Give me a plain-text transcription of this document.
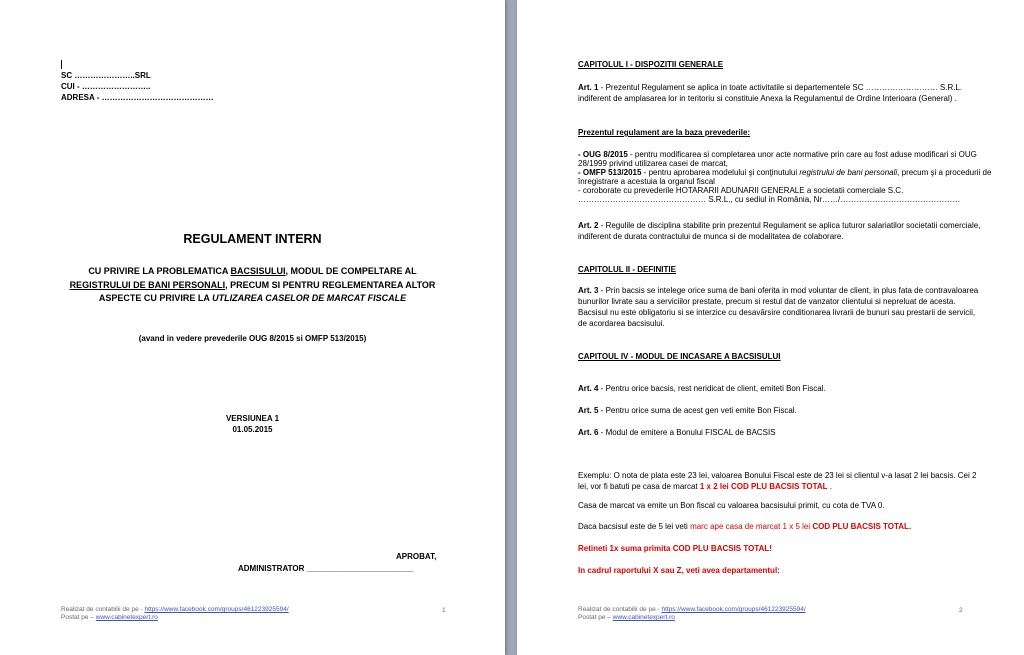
SC …………………..SRL
CUI - ……………………..
ADRESA - ……………………………………
REGULAMENT INTERN
CU PRIVIRE LA PROBLEMATICA BACSISULUI, MODUL DE COMPELTARE AL REGISTRULUI DE BANI PERSONALI, PRECUM SI PENTRU REGLEMENTAREA ALTOR ASPECTE CU PRIVIRE LA UTLIZAREA CASELOR DE MARCAT FISCALE
(avand in vedere prevederile OUG 8/2015 si OMFP 513/2015)
VERSIUNEA 1
01.05.2015
APROBAT,
ADMINISTRATOR ________________________
Realizat de contabilii de pe - https://www.facebook.com/groups/461223925594/
Postat pe – www.cabinetexpert.ro
1
CAPITOLUL I - DISPOZITII GENERALE
Art. 1 - Prezentul Regulament se aplica in toate activitatile si departementele SC ……………………… S.R.L. indiferent de amplasarea lor in teritoriu si constituie Anexa la Regulamentul de Ordine Interioara (General) .
Prezentul regulament are la baza prevederile:
- OUG 8/2015 - pentru modificarea si completarea unor acte normative prin care au fost aduse modificari si OUG 28/1999 privind utilizarea casei de marcat,
- OMFP 513/2015 - pentru aprobarea modelului şi conţinutului registrului de bani personali, precum şi a procedurii de înregistrare a acestuia la organul fiscal
- coroborate cu prevederile HOTARARII ADUNARII GENERALE a societatii comerciale S.C. ………………………………………… S.R.L., cu sediul in România, Nr……/………………………………………
Art. 2 - Regulile de disciplina stabilite prin prezentul Regulament se aplica tuturor salariatilor societatii comerciale, indiferent de durata contractului de munca si de modalitatea de colaborare.
CAPITOLUL II - DEFINITIE
Art. 3 - Prin bacsis se intelege orice suma de bani oferita in mod voluntar de client, in plus fata de contravaloarea bunurilor livrate sau a serviciilor prestate, precum si restul dat de vanzator clientului si nepreluat de acesta. Bacsisul nu este obligatoriu si se interzice cu desavârsire conditionarea livrarii de bunuri sau prestarii de servicii, de acordarea bacsisului.
CAPITOUL IV - MODUL DE INCASARE A BACSISULUI
Art. 4 - Pentru orice bacsis, rest neridicat de client, emiteti Bon Fiscal.
Art. 5 - Pentru orice suma de acest gen veti emite Bon Fiscal.
Art. 6 - Modul de emitere a Bonului FISCAL de BACSIS
Exemplu: O nota de plata este 23 lei, valoarea Bonului Fiscal este de 23 lei si clientul v-a lasat 2 lei bacsis. Cei 2 lei, vor fi batuti pe casa de marcat 1 x 2 lei COD PLU BACSIS TOTAL .
Casa de marcat va emite un Bon fiscal cu valoarea bacsisului primit, cu cota de TVA 0.
Daca bacsisul este de 5 lei veti marc ape casa de marcat 1 x 5 lei COD PLU BACSIS TOTAL.
Retineti 1x suma primita COD PLU BACSIS TOTAL!
In cadrul raportului X sau Z, veti avea departamentul:
Realizat de contabilii de pe - https://www.facebook.com/groups/461223925594/
Postat pe – www.cabinetexpert.ro
2
